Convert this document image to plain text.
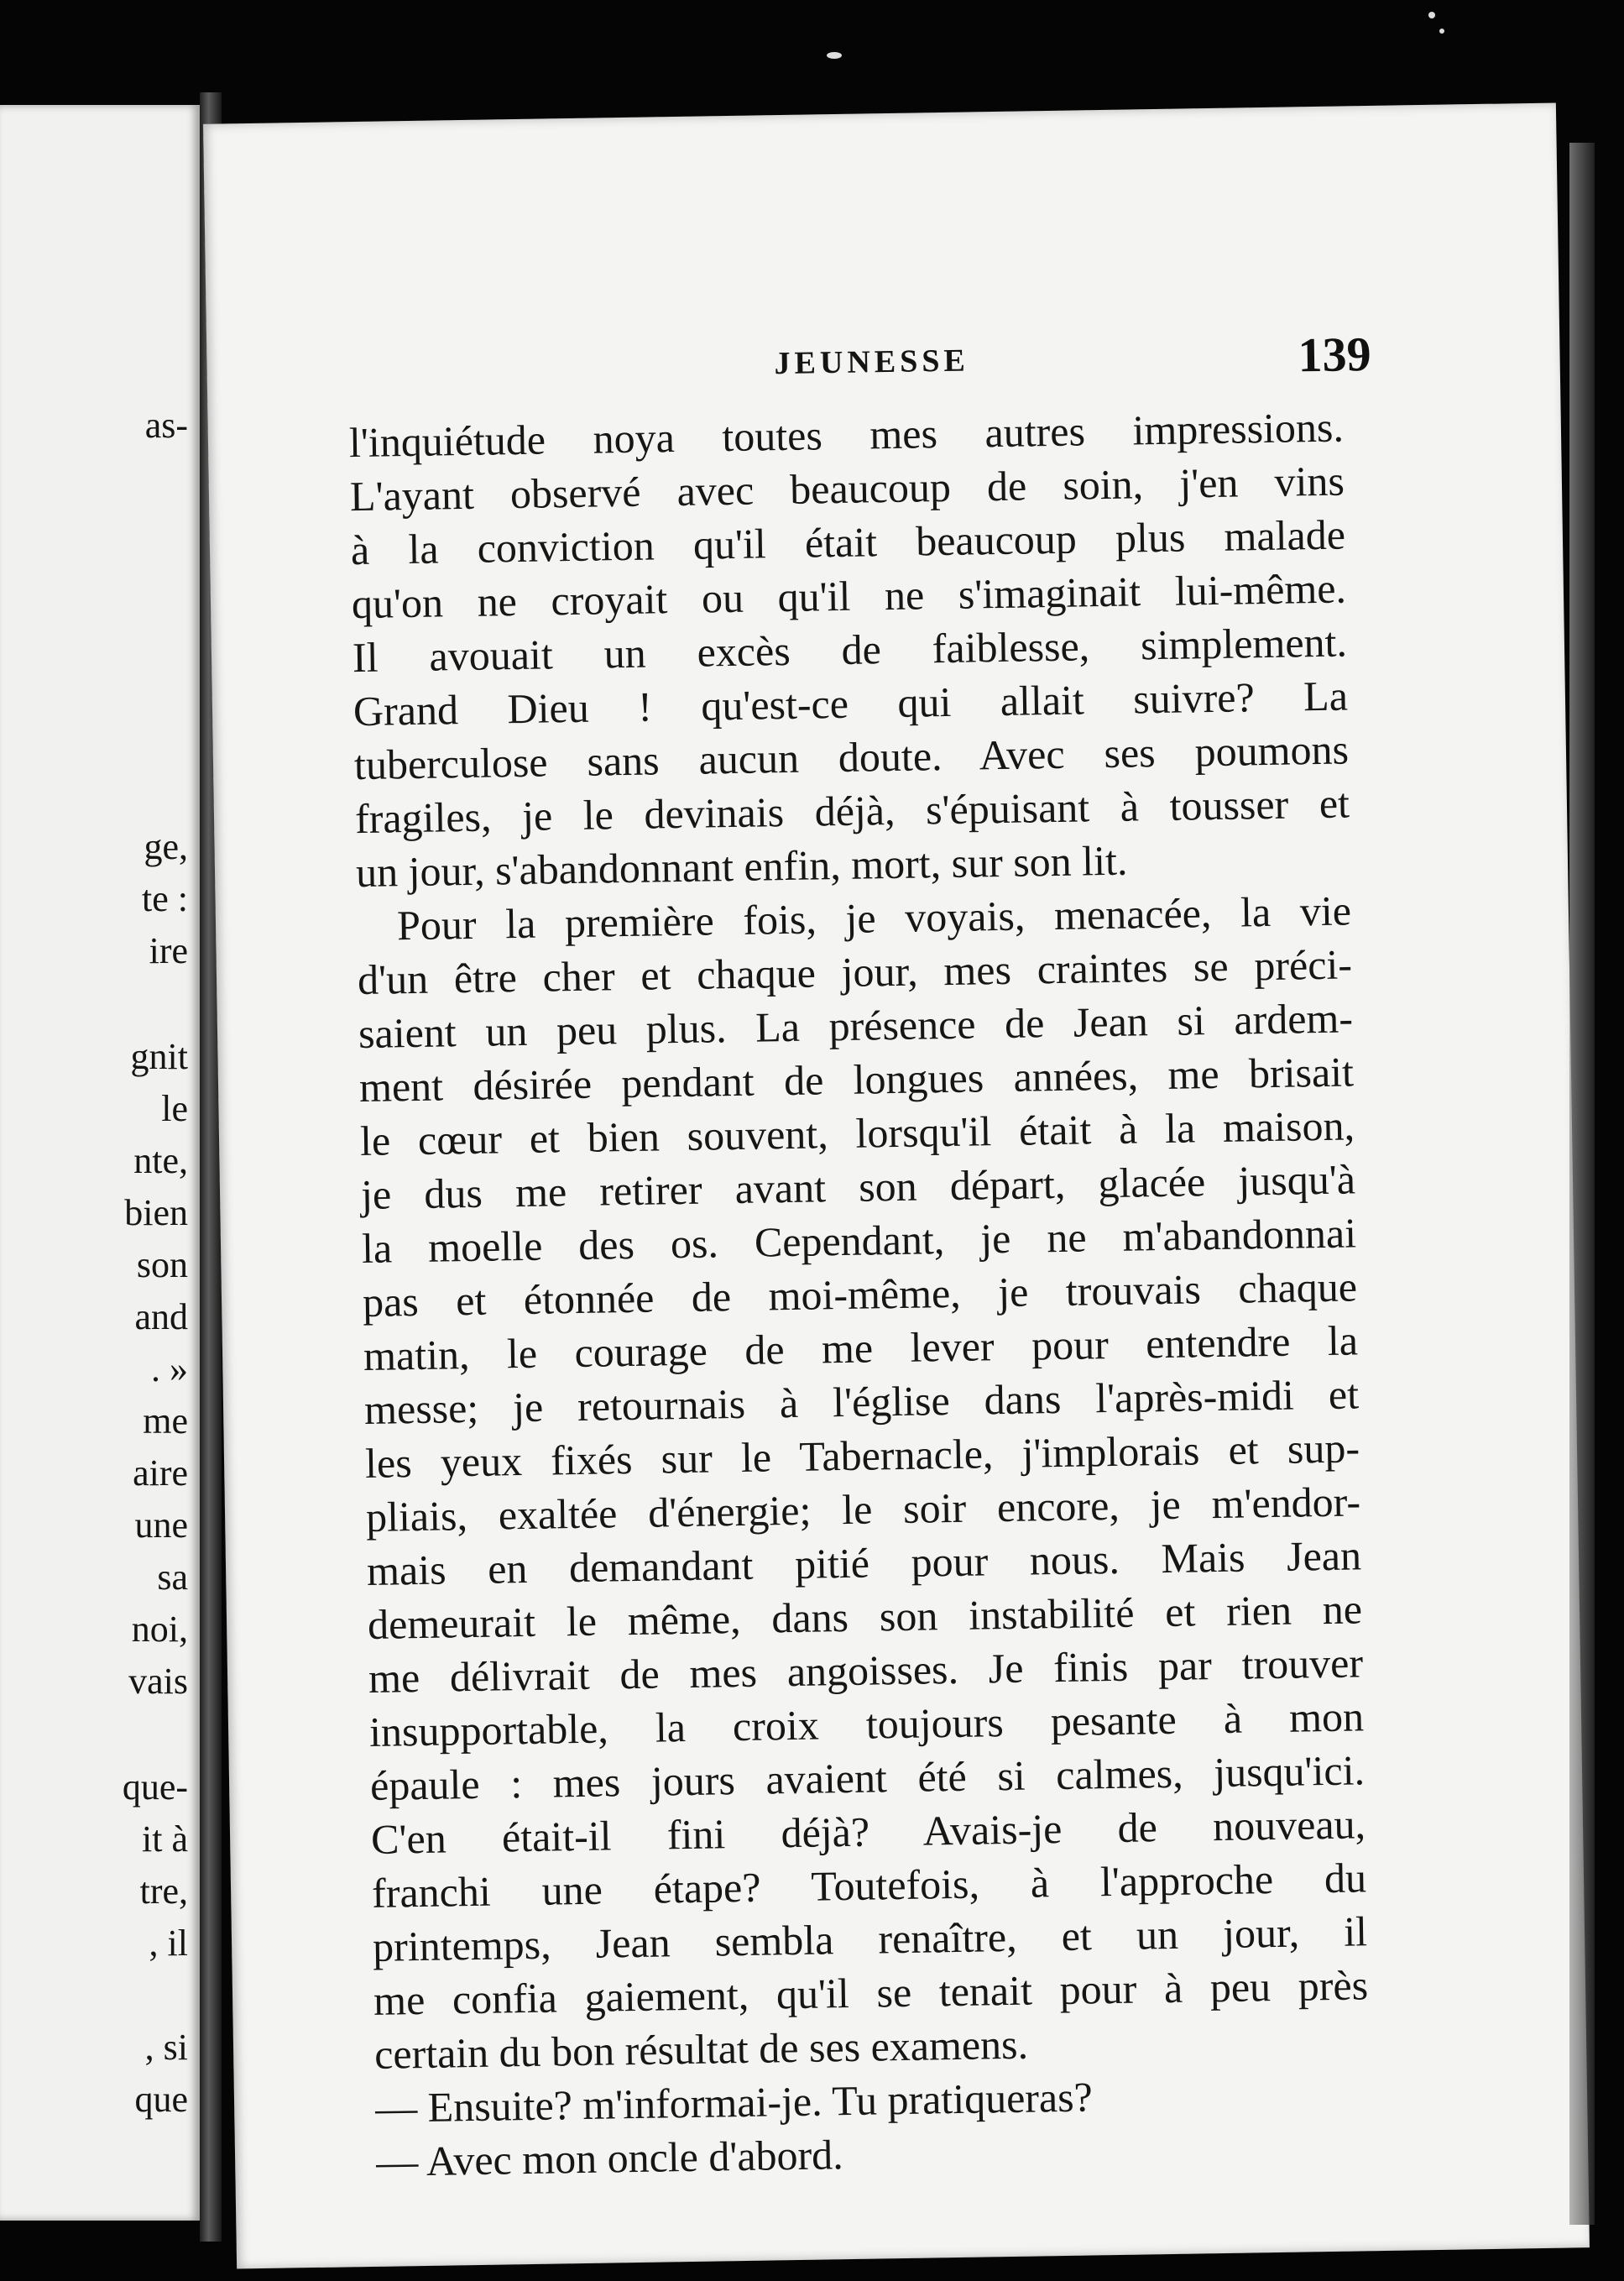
as-
ge,
te :
ire
gnit
le
nte,
bien
son
and
. »
me
aire
une
sa
noi,
vais
que-
it à
tre,
, il
, si
que
JEUNESSE	139
l'inquiétude noya toutes mes autres impressions.
L'ayant observé avec beaucoup de soin, j'en vins
à la conviction qu'il était beaucoup plus malade
qu'on ne croyait ou qu'il ne s'imaginait lui-même.
Il avouait un excès de faiblesse, simplement.
Grand Dieu ! qu'est-ce qui allait suivre? La
tuberculose sans aucun doute. Avec ses poumons
fragiles, je le devinais déjà, s'épuisant à tousser et
un jour, s'abandonnant enfin, mort, sur son lit.
Pour la première fois, je voyais, menacée, la vie
d'un être cher et chaque jour, mes craintes se préci-
saient un peu plus. La présence de Jean si ardem-
ment désirée pendant de longues années, me brisait
le cœur et bien souvent, lorsqu'il était à la maison,
je dus me retirer avant son départ, glacée jusqu'à
la moelle des os. Cependant, je ne m'abandonnai
pas et étonnée de moi-même, je trouvais chaque
matin, le courage de me lever pour entendre la
messe; je retournais à l'église dans l'après-midi et
les yeux fixés sur le Tabernacle, j'implorais et sup-
pliais, exaltée d'énergie; le soir encore, je m'endor-
mais en demandant pitié pour nous. Mais Jean
demeurait le même, dans son instabilité et rien ne
me délivrait de mes angoisses. Je finis par trouver
insupportable, la croix toujours pesante à mon
épaule : mes jours avaient été si calmes, jusqu'ici.
C'en était-il fini déjà? Avais-je de nouveau,
franchi une étape? Toutefois, à l'approche du
printemps, Jean sembla renaître, et un jour, il
me confia gaiement, qu'il se tenait pour à peu près
certain du bon résultat de ses examens.
— Ensuite? m'informai-je. Tu pratiqueras?
— Avec mon oncle d'abord.
